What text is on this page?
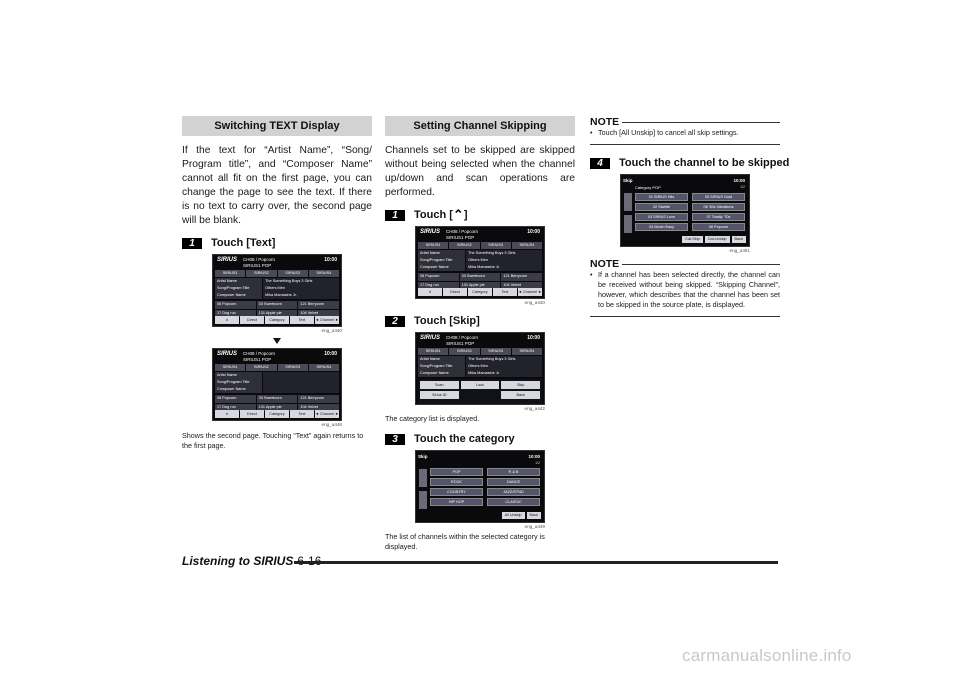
Switching TEXT Display
If the text for “Artist Name”, “Song/ Program title”, and “Composer Name” cannot all fit on the first page, you can change the page to see the text. If there is no text to carry over, the second page will be blank.
1	Touch [Text]
SIRIUS CH08 / Popcorn
SIRIUS1 POP
10:00
SIRIUS1	SIRIUS2	SIRIUS3	SIRIUS4
Artist Name
Song/Program Title
Composer Name
The Something Boys 3 Girls
Others Men
Mika Mamasine Jr.
08 Popcorn	33 Sweetcorn	121 Berrycorn
17 Dog run	131 Apple pie	104 Velvet
∧	Direct	Category	Text	◄ Channel ►
eng_a440
SIRIUS CH08 / Popcorn
SIRIUS1 POP
10:00
SIRIUS1	SIRIUS2	SIRIUS3	SIRIUS4
Artist Name
Song/Program Title
Composer Name
08 Popcorn	33 Sweetcorn	121 Berrycorn
17 Dog run	131 Apple pie	104 Velvet
∧	Direct	Category	Text	◄ Channel ►
eng_a448
Shows the second page. Touching “Text” again returns to the first page.
Setting Channel Skipping
Channels set to be skipped are skipped without being selected when the channel up/down and scan operations are performed.
1	Touch [⌃]
SIRIUS CH08 / Popcorn
SIRIUS1 POP
10:00
SIRIUS1	SIRIUS2	SIRIUS3	SIRIUS4
Artist Name
Song/Program Title
Composer Name
The Something Boys 3 Girls
Others Men
Mika Mamasine Jr.
08 Popcorn	33 Sweetcorn	121 Berrycorn
17 Dog run	131 Apple pie	104 Velvet
∧	Direct	Category	Text	◄ Channel ►
eng_a440
2	Touch [Skip]
SIRIUS CH08 / Popcorn
SIRIUS1 POP
10:00
SIRIUS1	SIRIUS2	SIRIUS3	SIRIUS4
Artist Name
Song/Program Title
Composer Name
The Something Boys 3 Girls
Others Men
Mika Mamasine Jr.
Scan	Lock	Skip
Sirius ID	Back
eng_a442
The category list is displayed.
3	Touch the category
Skip	10:00
1/2
POP	R & B
ROCK	DANCE
COUNTRY	JAZZ/STND
HIP HOP	CLASSIC
All Unskip	Back
eng_a449
The list of channels within the selected category is displayed.
NOTE
• Touch [All Unskip] to cancel all skip settings.
4	Touch the channel to be skipped
Skip	10:00
Category POP	1/2
01 SIRIUS Hits	05 SIRIUS Gold
02 Starlite	06 '80s Vibrations
03 SIRIUS Love	07 Totally '70s
04 Movin Easy	08 Popcorn
Cat-Skip	Cat-Unskip	Back
eng_a451
NOTE
• If a channel has been selected directly, the channel can be received without being skipped. “Skipping Channel”, however, which describes that the channel has been set to be skipped in the source plate, is displayed.
Listening to SIRIUS
carmanualsonline.info
